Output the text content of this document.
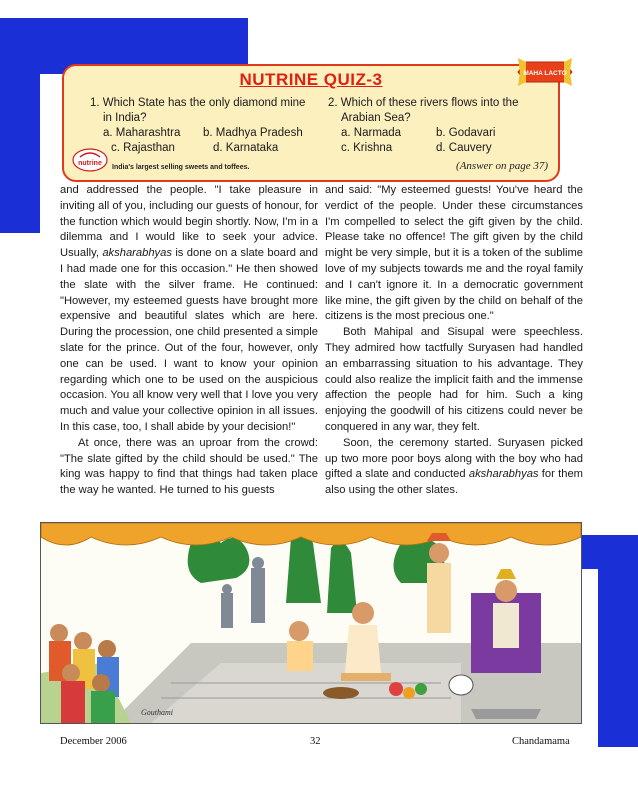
NUTRINE QUIZ-3
1. Which State has the only diamond mine
in India?
a. Maharashtra	b. Madhya Pradesh
c. Rajasthan	d. Karnataka
2. Which of these rivers flows into the
Arabian Sea?
a. Narmada	b. Godavari
c. Krishna	d. Cauvery
nutrine
India's largest selling sweets and toffees.	(Answer on page 37)
MAHA LACTO

and addressed the people. "I take pleasure in inviting all of you, including our guests of honour, for the function which would begin shortly. Now, I'm in a dilemma and I would like to seek your advice. Usually, aksharabhyas is done on a slate board and I had made one for this occasion." He then showed the slate with the silver frame. He continued: "However, my esteemed guests have brought more expensive and beautiful slates which are here. During the procession, one child presented a simple slate for the prince. Out of the four, however, only one can be used. I want to know your opinion regarding which one to be used on the auspicious occasion. You all know very well that I love you very much and value your collective opinion in all issues. In this case, too, I shall abide by your decision!"

At once, there was an uproar from the crowd: "The slate gifted by the child should be used." The king was happy to find that things had taken place the way he wanted. He turned to his guests

and said: "My esteemed guests! You've heard the verdict of the people. Under these circumstances I'm compelled to select the gift given by the child. Please take no offence! The gift given by the child might be very simple, but it is a token of the sublime love of my subjects towards me and the royal family and I can't ignore it. In a democratic government like mine, the gift given by the child on behalf of the citizens is the most precious one."

Both Mahipal and Sisupal were speechless. They admired how tactfully Suryasen had handled an embarrassing situation to his advantage. They could also realize the implicit faith and the immense affection the people had for him. Such a king enjoying the goodwill of his citizens could never be conquered in any war, they felt.

Soon, the ceremony started. Suryasen picked up two more poor boys along with the boy who had gifted a slate and conducted aksharabhyas for them also using the other slates.

Gouthami
December 2006	32	Chandamama
